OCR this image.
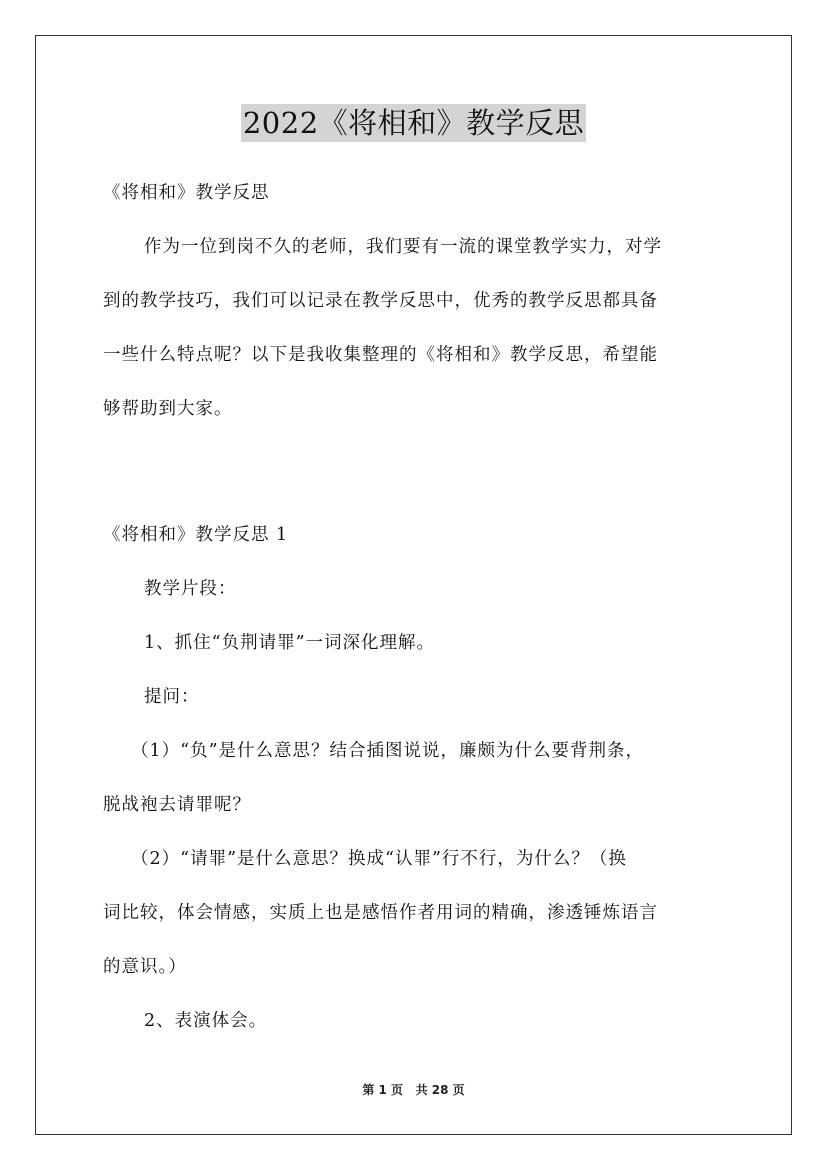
2022《将相和》教学反思
《将相和》教学反思
作为一位到岗不久的老师，我们要有一流的课堂教学实力，对学
到的教学技巧，我们可以记录在教学反思中，优秀的教学反思都具备
一些什么特点呢？以下是我收集整理的《将相和》教学反思，希望能
够帮助到大家。
《将相和》教学反思 1
教学片段：
1、抓住“负荆请罪”一词深化理解。
提问：
（1）“负”是什么意思？结合插图说说，廉颇为什么要背荆条，
脱战袍去请罪呢？
（2）“请罪”是什么意思？换成“认罪”行不行，为什么？（换
词比较，体会情感，实质上也是感悟作者用词的精确，渗透锤炼语言
的意识。）
2、表演体会。
第 1 页 共 28 页
